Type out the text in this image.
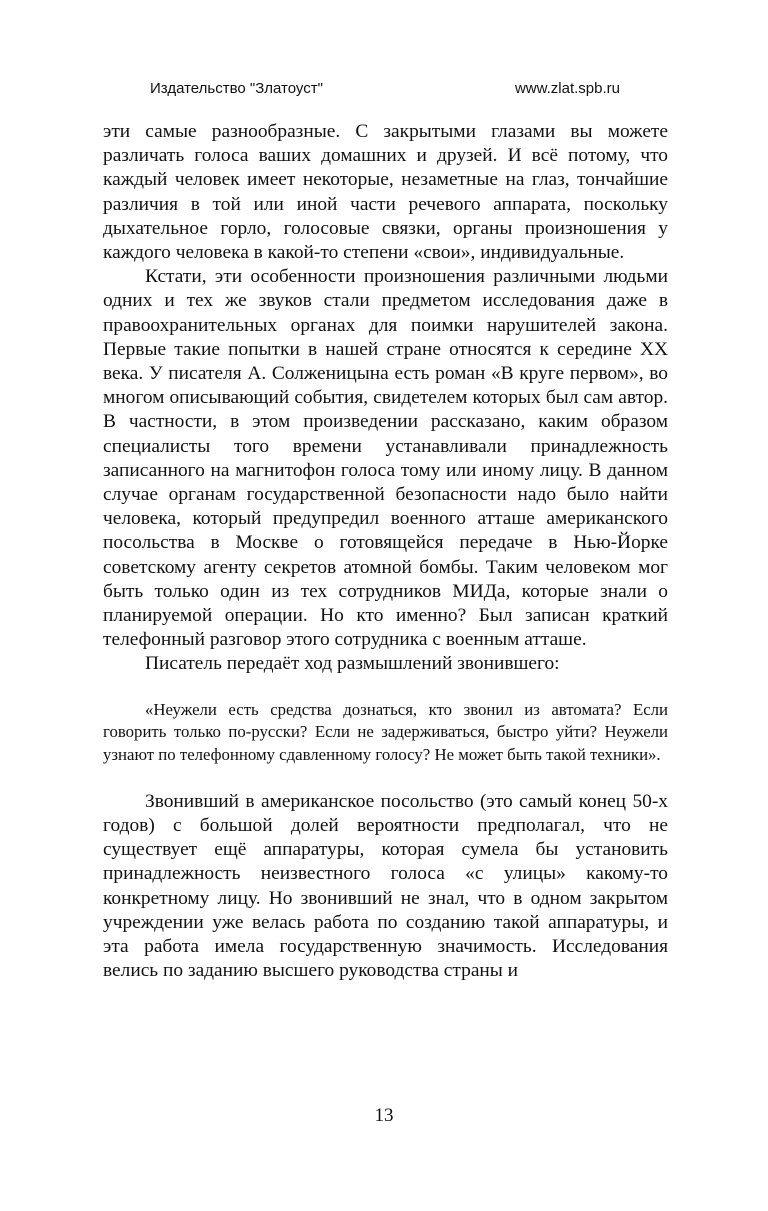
Издательство "Златоуст"	www.zlat.spb.ru

эти самые разнообразные. С закрытыми глазами вы можете различать голоса ваших домашних и друзей. И всё потому, что каждый человек имеет некоторые, незаметные на глаз, тончайшие различия в той или иной части речевого аппарата, поскольку дыхательное горло, голосовые связки, органы произношения у каждого человека в какой-то степени «свои», индивидуальные.

Кстати, эти особенности произношения различными людьми одних и тех же звуков стали предметом исследования даже в правоохранительных органах для поимки нарушителей закона. Первые такие попытки в нашей стране относятся к середине XX века. У писателя А. Солженицына есть роман «В круге первом», во многом описывающий события, свидетелем которых был сам автор. В частности, в этом произведении рассказано, каким образом специалисты того времени устанавливали принадлежность записанного на магнитофон голоса тому или иному лицу. В данном случае органам государственной безопасности надо было найти человека, который предупредил военного атташе американского посольства в Москве о готовящейся передаче в Нью-Йорке советскому агенту секретов атомной бомбы. Таким человеком мог быть только один из тех сотрудников МИДа, которые знали о планируемой операции. Но кто именно? Был записан краткий телефонный разговор этого сотрудника с военным атташе.

Писатель передаёт ход размышлений звонившего:

«Неужели есть средства дознаться, кто звонил из автомата? Если говорить только по-русски? Если не задерживаться, быстро уйти? Неужели узнают по телефонному сдавленному голосу? Не может быть такой техники».

Звонивший в американское посольство (это самый конец 50-х годов) с большой долей вероятности предполагал, что не существует ещё аппаратуры, которая сумела бы установить принадлежность неизвестного голоса «с улицы» какому-то конкретному лицу. Но звонивший не знал, что в одном закрытом учреждении уже велась работа по созданию такой аппаратуры, и эта работа имела государственную значимость. Исследования велись по заданию высшего руководства страны и

13
